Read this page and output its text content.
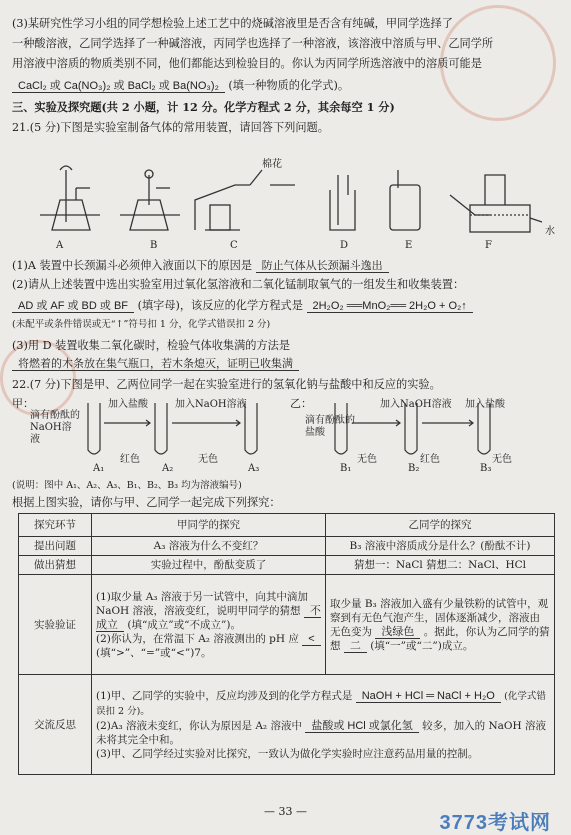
(3)某研究性学习小组的同学想检验上述工艺中的烧碱溶液里是否含有纯碱，甲同学选择了
一种酸溶液，乙同学选择了一种碱溶液，丙同学也选择了一种溶液，该溶液中溶质与甲、乙同学所
用溶液中溶质的物质类别不同，他们都能达到检验目的。你认为丙同学所选溶液中的溶质可能是
CaCl₂ 或 Ca(NO₃)₂ 或 BaCl₂ 或 Ba(NO₃)₂ (填一种物质的化学式)。
三、实验及探究题(共 2 小题，计 12 分。化学方程式 2 分，其余每空 1 分)
21.(5 分)下图是实验室制备气体的常用装置，请回答下列问题。
A	B	C	D	E	F
棉花
水
(1)A 装置中长颈漏斗必须伸入液面以下的原因是 防止气体从长颈漏斗逸出
(2)请从上述装置中选出实验室用过氧化氢溶液和二氧化锰制取氧气的一组发生和收集装置：
AD 或 AF 或 BD 或 BF (填字母)，该反应的化学方程式是 2H₂O₂ ══MnO₂══ 2H₂O + O₂↑
(未配平或条件错误或无“↑”符号扣 1 分，化学式错误扣 2 分)
(3)用 D 装置收集二氧化碳时，检验气体收集满的方法是
将燃着的木条放在集气瓶口，若木条熄灭，证明已收集满
22.(7 分)下图是甲、乙两位同学一起在实验室进行的氢氧化钠与盐酸中和反应的实验。
甲：	乙：
滴有酚酞的NaOH溶液
加入盐酸	加入NaOH溶液
红色	无色
A₁	A₂	A₃
滴有酚酞的盐酸
加入NaOH溶液 加入盐酸
无色	红色	无色
B₁	B₂	B₃
(说明：图中 A₁、A₂、A₃、B₁、B₂、B₃ 均为溶液编号)
根据上图实验，请你与甲、乙同学一起完成下列探究：
探究环节	甲同学的探究	乙同学的探究
提出问题	A₃ 溶液为什么不变红？	B₃ 溶液中溶质成分是什么？(酚酞不计)
做出猜想	实验过程中，酚酞变质了	猜想一：NaCl 猜想二：NaCl、HCl
实验验证	(1)取少量 A₃ 溶液于另一试管中，向其中滴加 NaOH 溶液，溶液变红，说明甲同学的猜想 不成立 (填“成立”或“不成立”)。
(2)你认为，在常温下 A₂ 溶液测出的 pH 应 < (填“>”、“=”或“<”)7。	取少量 B₃ 溶液加入盛有少量铁粉的试管中，观察到有无色气泡产生，固体逐渐减少，溶液由无色变为 浅绿色 。据此，你认为乙同学的猜想 二 (填“一”或“二”)成立。
交流反思	(1)甲、乙同学的实验中，反应均涉及到的化学方程式是 NaOH + HCl ═ NaCl + H₂O (化学式错误扣 2 分)。
(2)A₃ 溶液未变红，你认为原因是 A₂ 溶液中 盐酸或 HCl 或氯化氢 较多，加入的 NaOH 溶液未将其完全中和。
(3)甲、乙同学经过实验对比探究，一致认为做化学实验时应注意药品用量的控制。	
— 33 —
3773考试网
